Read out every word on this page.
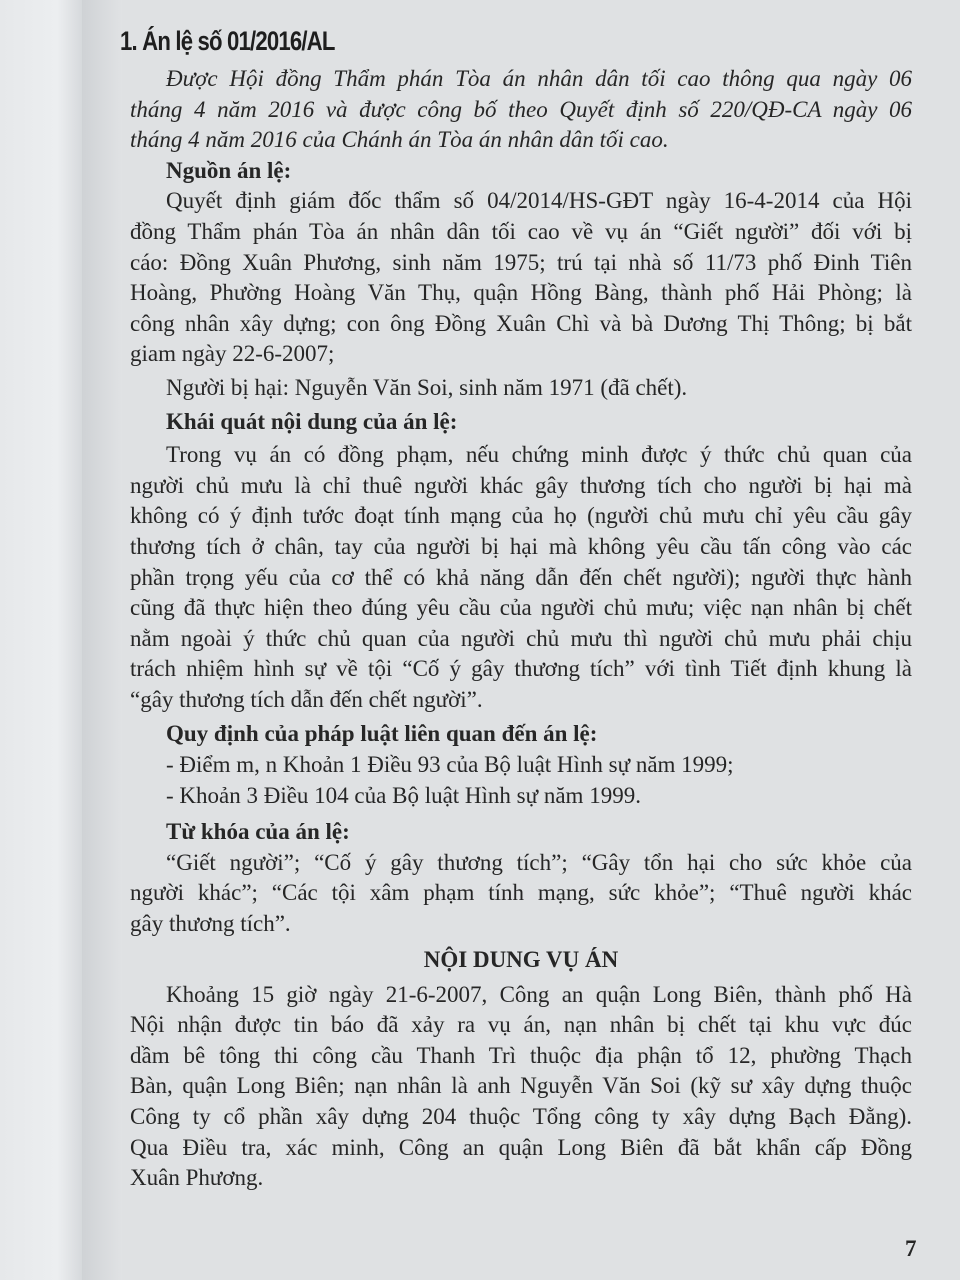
1. Án lệ số 01/2016/AL
Được Hội đồng Thẩm phán Tòa án nhân dân tối cao thông qua ngày 06
tháng 4 năm 2016 và được công bố theo Quyết định số 220/QĐ-CA ngày 06
tháng 4 năm 2016 của Chánh án Tòa án nhân dân tối cao.
Nguồn án lệ:
Quyết định giám đốc thẩm số 04/2014/HS-GĐT ngày 16-4-2014 của Hội
đồng Thẩm phán Tòa án nhân dân tối cao về vụ án “Giết người” đối với bị
cáo: Đồng Xuân Phương, sinh năm 1975; trú tại nhà số 11/73 phố Đinh Tiên
Hoàng, Phường Hoàng Văn Thụ, quận Hồng Bàng, thành phố Hải Phòng; là
công nhân xây dựng; con ông Đồng Xuân Chì và bà Dương Thị Thông; bị bắt
giam ngày 22-6-2007;
Người bị hại: Nguyễn Văn Soi, sinh năm 1971 (đã chết).
Khái quát nội dung của án lệ:
Trong vụ án có đồng phạm, nếu chứng minh được ý thức chủ quan của
người chủ mưu là chỉ thuê người khác gây thương tích cho người bị hại mà
không có ý định tước đoạt tính mạng của họ (người chủ mưu chỉ yêu cầu gây
thương tích ở chân, tay của người bị hại mà không yêu cầu tấn công vào các
phần trọng yếu của cơ thể có khả năng dẫn đến chết người); người thực hành
cũng đã thực hiện theo đúng yêu cầu của người chủ mưu; việc nạn nhân bị chết
nằm ngoài ý thức chủ quan của người chủ mưu thì người chủ mưu phải chịu
trách nhiệm hình sự về tội “Cố ý gây thương tích” với tình Tiết định khung là
“gây thương tích dẫn đến chết người”.
Quy định của pháp luật liên quan đến án lệ:
- Điểm m, n Khoản 1 Điều 93 của Bộ luật Hình sự năm 1999;
- Khoản 3 Điều 104 của Bộ luật Hình sự năm 1999.
Từ khóa của án lệ:
“Giết người”; “Cố ý gây thương tích”; “Gây tổn hại cho sức khỏe của
người khác”; “Các tội xâm phạm tính mạng, sức khỏe”; “Thuê người khác
gây thương tích”.
NỘI DUNG VỤ ÁN
Khoảng 15 giờ ngày 21-6-2007, Công an quận Long Biên, thành phố Hà
Nội nhận được tin báo đã xảy ra vụ án, nạn nhân bị chết tại khu vực đúc
dầm bê tông thi công cầu Thanh Trì thuộc địa phận tổ 12, phường Thạch
Bàn, quận Long Biên; nạn nhân là anh Nguyễn Văn Soi (kỹ sư xây dựng thuộc
Công ty cổ phần xây dựng 204 thuộc Tổng công ty xây dựng Bạch Đằng).
Qua Điều tra, xác minh, Công an quận Long Biên đã bắt khẩn cấp Đồng
Xuân Phương.
7
